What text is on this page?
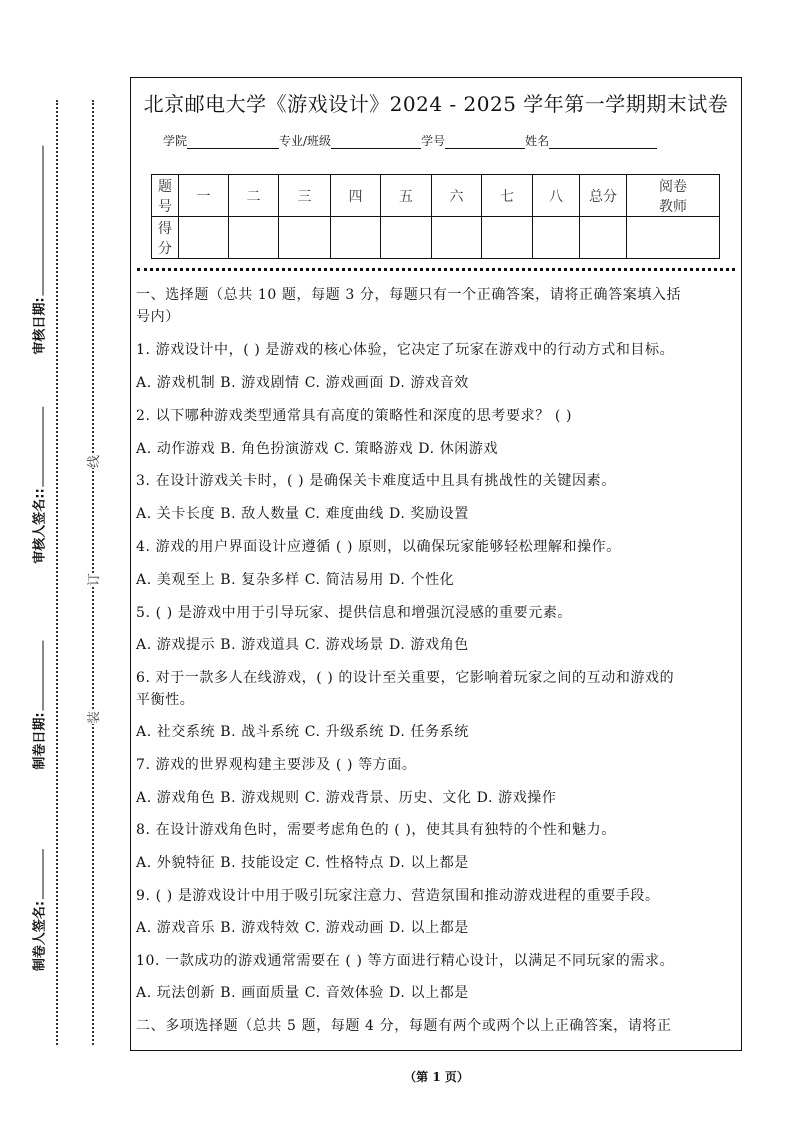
审核日期:
审核人签名::
制卷日期:
制卷人签名:
线
订
装
北京邮电大学《游戏设计》2024 - 2025 学年第一学期期末试卷
学院	专业/班级	学号	姓名
题号	一	二	三	四	五	六	七	八	总分	阅卷教师
得分										
一、选择题（总共 10 题，每题 3 分，每题只有一个正确答案，请将正确答案填入括
号内）
1. 游戏设计中，( ) 是游戏的核心体验，它决定了玩家在游戏中的行动方式和目标。
A. 游戏机制 B. 游戏剧情 C. 游戏画面 D. 游戏音效
2. 以下哪种游戏类型通常具有高度的策略性和深度的思考要求？ ( )
A. 动作游戏 B. 角色扮演游戏 C. 策略游戏 D. 休闲游戏
3. 在设计游戏关卡时，( ) 是确保关卡难度适中且具有挑战性的关键因素。
A. 关卡长度 B. 敌人数量 C. 难度曲线 D. 奖励设置
4. 游戏的用户界面设计应遵循 ( ) 原则，以确保玩家能够轻松理解和操作。
A. 美观至上 B. 复杂多样 C. 简洁易用 D. 个性化
5. ( ) 是游戏中用于引导玩家、提供信息和增强沉浸感的重要元素。
A. 游戏提示 B. 游戏道具 C. 游戏场景 D. 游戏角色
6. 对于一款多人在线游戏，( ) 的设计至关重要，它影响着玩家之间的互动和游戏的
平衡性。
A. 社交系统 B. 战斗系统 C. 升级系统 D. 任务系统
7. 游戏的世界观构建主要涉及 ( ) 等方面。
A. 游戏角色 B. 游戏规则 C. 游戏背景、历史、文化 D. 游戏操作
8. 在设计游戏角色时，需要考虑角色的 ( )，使其具有独特的个性和魅力。
A. 外貌特征 B. 技能设定 C. 性格特点 D. 以上都是
9. ( ) 是游戏设计中用于吸引玩家注意力、营造氛围和推动游戏进程的重要手段。
A. 游戏音乐 B. 游戏特效 C. 游戏动画 D. 以上都是
10. 一款成功的游戏通常需要在 ( ) 等方面进行精心设计，以满足不同玩家的需求。
A. 玩法创新 B. 画面质量 C. 音效体验 D. 以上都是
二、多项选择题（总共 5 题，每题 4 分，每题有两个或两个以上正确答案，请将正
（第 1 页）
